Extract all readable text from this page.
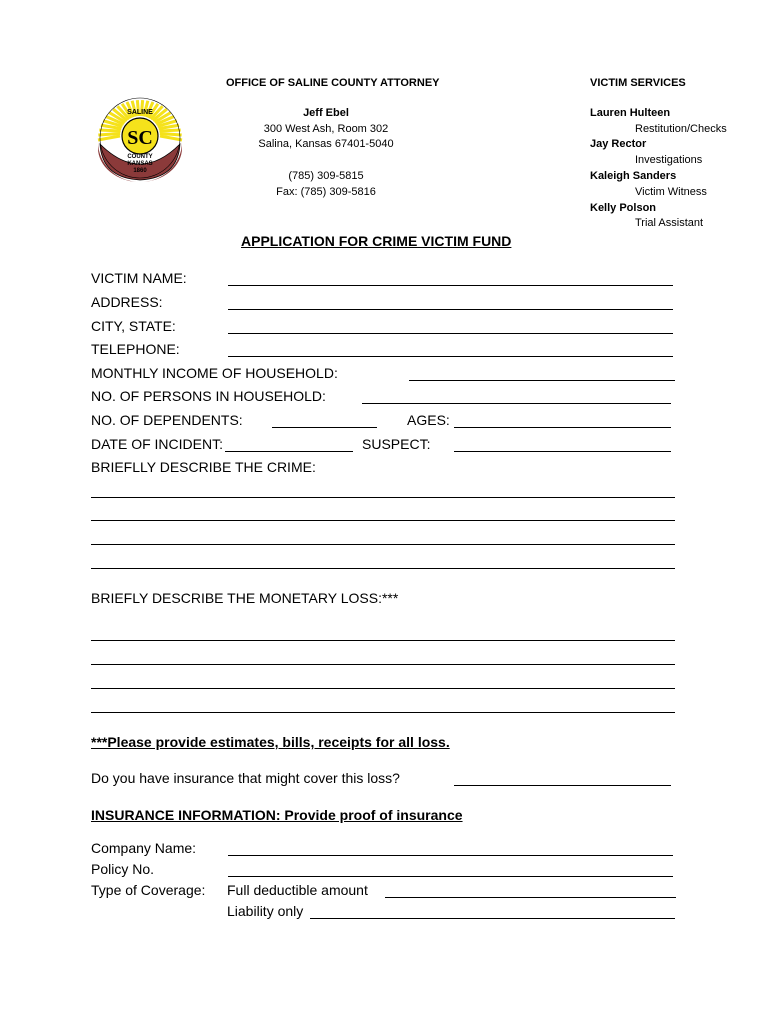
SALINE
SC
COUNTY
KANSAS
1860
OFFICE OF SALINE COUNTY ATTORNEY
Jeff Ebel
300 West Ash, Room 302
Salina, Kansas 67401-5040
(785) 309-5815
Fax: (785) 309-5816
VICTIM SERVICES
Lauren Hulteen
Restitution/Checks
Jay Rector
Investigations
Kaleigh Sanders
Victim Witness
Kelly Polson
Trial Assistant
APPLICATION FOR CRIME VICTIM FUND
VICTIM NAME:
ADDRESS:
CITY, STATE:
TELEPHONE:
MONTHLY INCOME OF HOUSEHOLD:
NO. OF PERSONS IN HOUSEHOLD:
NO. OF DEPENDENTS:	AGES:
DATE OF INCIDENT:	SUSPECT:
BRIEFLLY DESCRIBE THE CRIME:
BRIEFLY DESCRIBE THE MONETARY LOSS:***
***Please provide estimates, bills, receipts for all loss.
Do you have insurance that might cover this loss?
INSURANCE INFORMATION: Provide proof of insurance
Company Name:
Policy No.
Type of Coverage: Full deductible amount
Liability only
